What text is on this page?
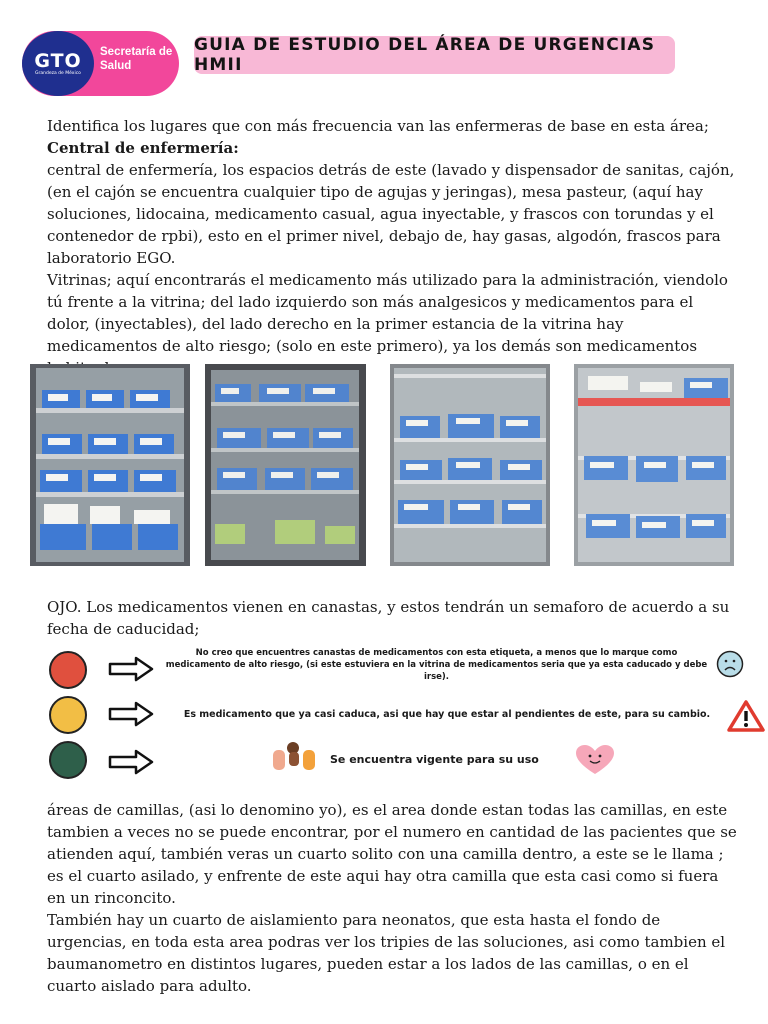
GTO
Grandeza de México
Secretaría de Salud
GUIA DE ESTUDIO DEL ÁREA DE URGENCIAS HMII

Identifica los lugares que con más frecuencia van las enfermeras de base en esta área;

Central de enfermería:

central de enfermería, los espacios detrás de este (lavado y dispensador de sanitas, cajón, (en el cajón se encuentra cualquier tipo de agujas y jeringas), mesa pasteur, (aquí hay soluciones, lidocaina, medicamento casual, agua inyectable, y frascos con torundas y el contenedor de rpbi), esto en el primer nivel, debajo de, hay gasas, algodón, frascos para laboratorio EGO.

Vitrinas; aquí encontrarás el medicamento más utilizado para la administración, viendolo tú frente a la vitrina; del lado izquierdo son más analgesicos y medicamentos para el dolor, (inyectables), del lado derecho en la primer estancia de la vitrina hay medicamentos de alto riesgo; (solo en este primero), ya los demás son medicamentos

OJO. Los medicamentos vienen en canastas, y estos tendrán un semaforo de acuerdo a su fecha de caducidad;

No creo que encuentres canastas de medicamentos con esta etiqueta, a menos que lo marque como medicamento de alto riesgo, (si este estuviera en la vitrina de medicamentos seria que ya esta caducado y debe irse).
Es medicamento que ya casi caduca, asi que hay que estar al pendientes de este, para su cambio.
Se encuentra vigente para su uso

áreas de camillas, (asi lo denomino yo), es el area donde estan todas las camillas, en este tambien a veces no se puede encontrar, por el numero en cantidad de las pacientes que se atienden aquí, también veras un cuarto solito con una camilla dentro, a este se le llama ; es el cuarto asilado, y enfrente de este aqui hay otra camilla que esta casi como si fuera en un rinconcito.

También hay un cuarto de aislamiento para neonatos, que esta hasta el fondo de urgencias, en toda esta area podras ver los tripies de las soluciones, asi como tambien el baumanometro en distintos lugares, pueden estar a los lados de las camillas, o en el cuarto aislado para adulto.
